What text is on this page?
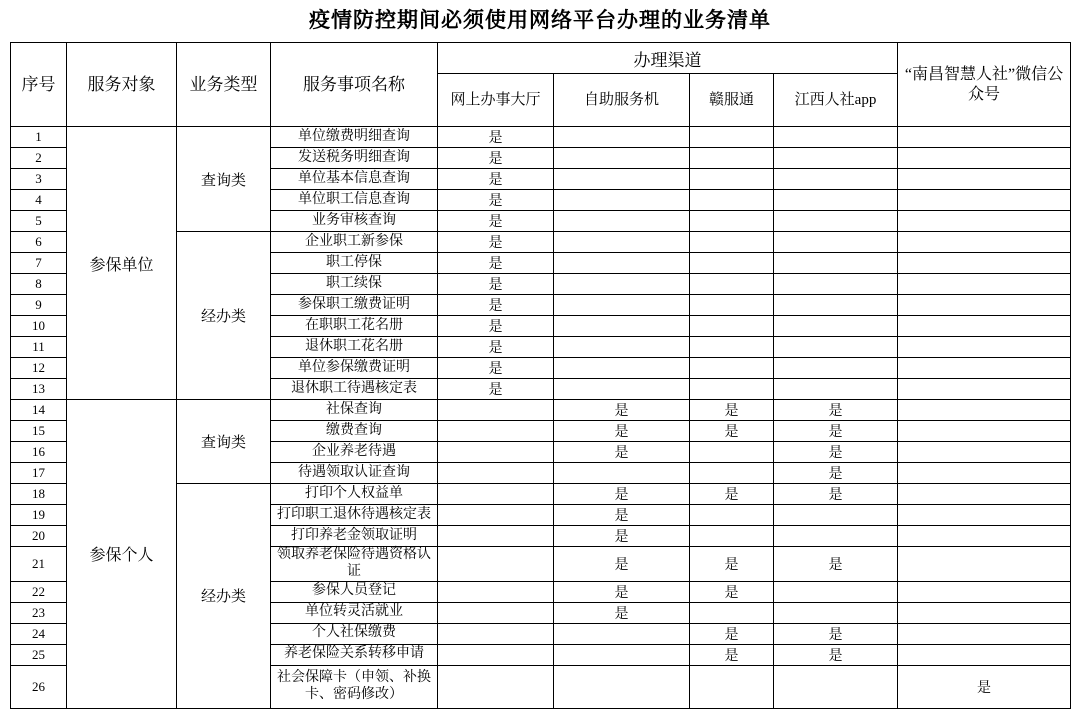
疫情防控期间必须使用网络平台办理的业务清单
序号	服务对象	业务类型	服务事项名称	办理渠道				“南昌智慧人社”微信公众号
				网上办事大厅	自助服务机	赣服通	江西人社app	
1	参保单位	查询类	单位缴费明细查询	是				
2			发送税务明细查询	是				
3			单位基本信息查询	是				
4			单位职工信息查询	是				
5			业务审核查询	是				
6		经办类	企业职工新参保	是				
7			职工停保	是				
8			职工续保	是				
9			参保职工缴费证明	是				
10			在职职工花名册	是				
11			退休职工花名册	是				
12			单位参保缴费证明	是				
13			退休职工待遇核定表	是				
14	参保个人	查询类	社保查询		是	是	是	
15			缴费查询		是	是	是	
16			企业养老待遇		是		是	
17			待遇领取认证查询				是	
18		经办类	打印个人权益单		是	是	是	
19			打印职工退休待遇核定表		是			
20			打印养老金领取证明		是			
21			领取养老保险待遇资格认证		是	是	是	
22			参保人员登记		是	是		
23			单位转灵活就业		是			
24			个人社保缴费			是	是	
25			养老保险关系转移申请			是	是	
26			社会保障卡（申领、补换卡、密码修改）					是
